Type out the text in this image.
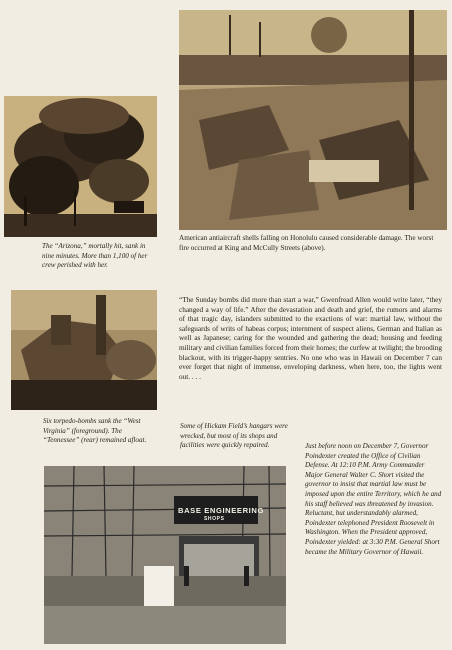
BASE ENGINEERING
SHOPS
The “Arizona,” mortally hit, sank in nine minutes. More than 1,100 of her crew perished with her.
American antiaircraft shells falling on Honolulu caused considerable damage. The worst fire occurred at King and McCully Streets (above).
Six torpedo-bombs sank the “West Virginia” (foreground). The “Tennessee” (rear) remained afloat.
Some of Hickam Field’s hangars were wrecked, but most of its shops and facilities were quickly repaired.	Just before noon on December 7, Governor Poindexter created the Office of Civilian Defense. At 12:10 P.M. Army Commander Major General Walter C. Short visited the governor to insist that martial law must be imposed upon the entire Territory, which he and his staff believed was threatened by invasion. Reluctant, but understandably alarmed, Poindexter telephoned President Roosevelt in Washington. When the President approved, Poindexter yielded: at 3:30 P.M. General Short became the Military Governor of Hawaii.
“The Sunday bombs did more than start a war,” Gwenfread Allen would write later, “they changed a way of life.” After the devastation and death and grief, the rumors and alarms of that tragic day, islanders submitted to the exactions of war: martial law, without the safeguards of writs of habeas corpus; internment of suspect aliens, German and Italian as well as Japanese; caring for the wounded and gathering the dead; housing and feeding military and civilian families forced from their homes; the curfew at twilight; the brooding blackout, with its trigger-happy sentries. No one who was in Hawaii on December 7 can ever forget that night of immense, enveloping darkness, when here, too, the lights went out. . . .
